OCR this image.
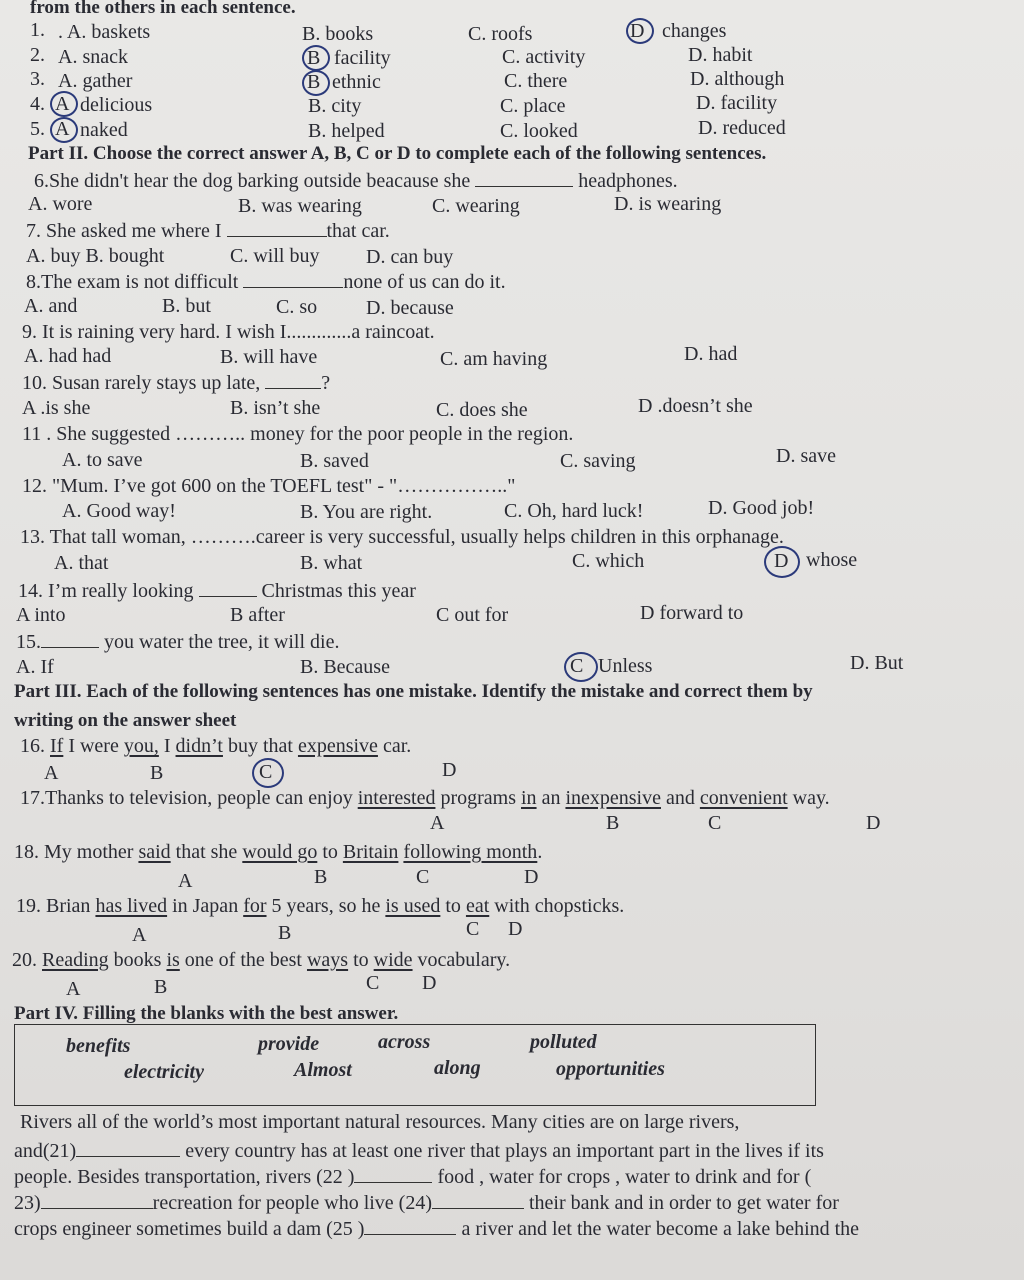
from the others in each sentence.
1. . A. baskets	B. books	C. roofs	D changes
2. A. snack	B facility	C. activity	D. habit
3. A. gather	B ethnic	C. there	D. although
4. A delicious	B. city	C. place	D. facility
5. A naked	B. helped	C. looked	D. reduced
Part II. Choose the correct answer A, B, C or D to complete each of the following sentences.
6.She didn't hear the dog barking outside beacause she	headphones.
A. wore	B. was wearing	C. wearing	D. is wearing
7. She asked me where I	that car.
A. buy B. bought	C. will buy D. can buy
8.The exam is not difficult	none of us can do it.
A. and	B. but	C. so D. because
9. It is raining very hard. I wish I.............a raincoat.
A. had had	B. will have	C. am having	D. had
10. Susan rarely stays up late,	?
A .is she	B. isn’t she	C. does she	D .doesn’t she
11 . She suggested ……….. money for the poor people in the region.
A. to save	B. saved	C. saving	D. save
12. "Mum. I’ve got 600 on the TOEFL test" - "…………….."
A. Good way!	B. You are right.	C. Oh, hard luck!	D. Good job!
13. That tall woman, ……….career is very successful, usually helps children in this orphanage.
A. that	B. what	C. which	D whose
14. I’m really looking	Christmas this year
A into	B after	C out for	D forward to
15.	you water the tree, it will die.
A. If	B. Because	C Unless	D. But
Part III. Each of the following sentences has one mistake. Identify the mistake and correct them by
writing on the answer sheet
16. If I were you, I didn’t buy that expensive car.
A	B	C	D
17.Thanks to television, people can enjoy interested programs in an inexpensive and convenient way.
A	B	C	D
18. My mother said that she would go to Britain following month.
A	B	C	D
19. Brian has lived in Japan for 5 years, so he is used to eat with chopsticks.
A	B	C D
20. Reading books is one of the best ways to wide vocabulary.
A	B	C D
Part IV. Filling the blanks with the best answer.
benefits	provide	across	polluted
electricity	Almost	along	opportunities
Rivers all of the world’s most important natural resources. Many cities are on large rivers,
and(21)	every country has at least one river that plays an important part in the lives if its
people. Besides transportation, rivers (22 )	food , water for crops , water to drink and for (
23)	recreation for people who live (24)	their bank and in order to get water for
crops engineer sometimes build a dam (25 )	a river and let the water become a lake behind the
